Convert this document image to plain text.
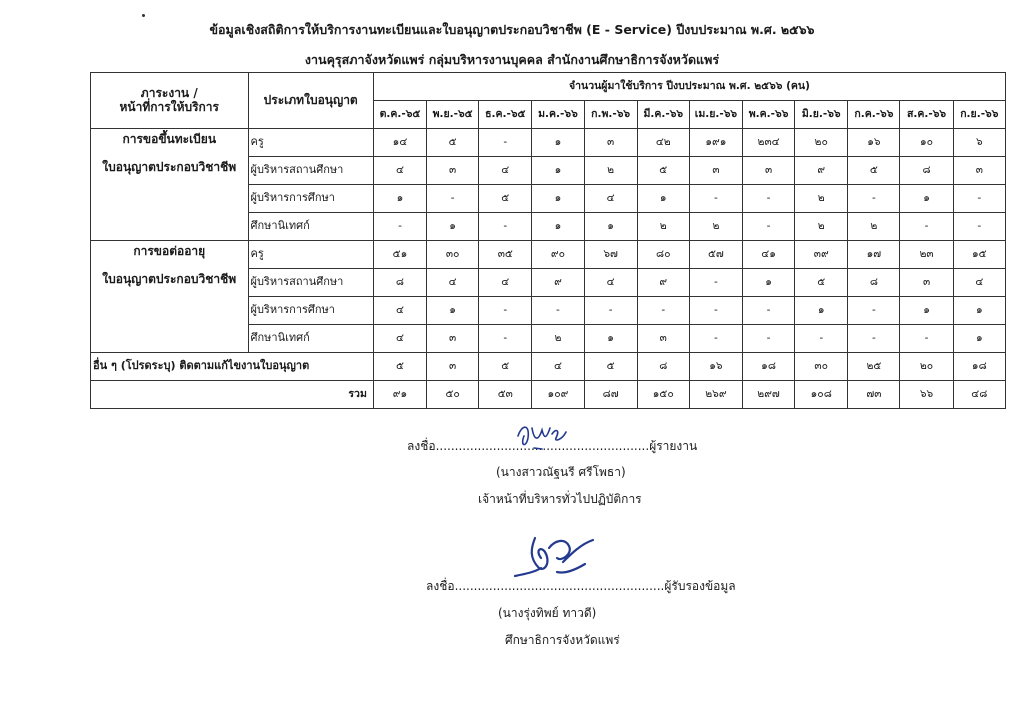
ข้อมูลเชิงสถิติการให้บริการงานทะเบียนและใบอนุญาตประกอบวิชาชีพ (E - Service) ปีงบประมาณ พ.ศ. ๒๕๖๖
งานคุรุสภาจังหวัดแพร่ กลุ่มบริหารงานบุคคล สำนักงานศึกษาธิการจังหวัดแพร่
ภาระงาน /
หน้าที่การให้บริการ	ประเภทใบอนุญาต	จำนวนผู้มาใช้บริการ ปีงบประมาณ พ.ศ. ๒๕๖๖ (คน)											
		ต.ค.-๖๕	พ.ย.-๖๕	ธ.ค.-๖๕	ม.ค.-๖๖	ก.พ.-๖๖	มี.ค.-๖๖	เม.ย.-๖๖	พ.ค.-๖๖	มิ.ย.-๖๖	ก.ค.-๖๖	ส.ค.-๖๖	ก.ย.-๖๖

การขอขึ้นทะเบียน
ใบอนุญาตประกอบวิชาชีพ	ครู	๑๔	๕	-	๑	๓	๔๒	๑๙๑	๒๓๔	๒๐	๑๖	๑๐	๖
	ผู้บริหารสถานศึกษา	๔	๓	๔	๑	๒	๕	๓	๓	๙	๕	๘	๓
	ผู้บริหารการศึกษา	๑	-	๕	๑	๔	๑	-	-	๒	-	๑	-
	ศึกษานิเทศก์	-	๑	-	๑	๑	๒	๒	-	๒	๒	-	-

การขอต่ออายุ
ใบอนุญาตประกอบวิชาชีพ	ครู	๕๑	๓๐	๓๕	๙๐	๖๗	๘๐	๕๗	๔๑	๓๙	๑๗	๒๓	๑๕
	ผู้บริหารสถานศึกษา	๘	๔	๔	๙	๔	๙	-	๑	๕	๘	๓	๔
	ผู้บริหารการศึกษา	๔	๑	-	-	-	-	-	-	๑	-	๑	๑
	ศึกษานิเทศก์	๔	๓	-	๒	๑	๓	-	-	-	-	-	๑
อื่น ๆ (โปรดระบุ) ติดตามแก้ไขงานใบอนุญาต		๕	๓	๕	๔	๕	๘	๑๖	๑๘	๓๐	๒๕	๒๐	๑๘
รวม		๙๑	๕๐	๕๓	๑๐๙	๘๗	๑๕๐	๒๖๙	๒๙๗	๑๐๘	๗๓	๖๖	๔๘
ลงชื่อ........................................................ผู้รายงาน
(นางสาวณัฐนรี ศรีโพธา)
เจ้าหน้าที่บริหารทั่วไปปฏิบัติการ
ลงชื่อ.......................................................ผู้รับรองข้อมูล
(นางรุ่งทิพย์ ทาวดี)
ศึกษาธิการจังหวัดแพร่
